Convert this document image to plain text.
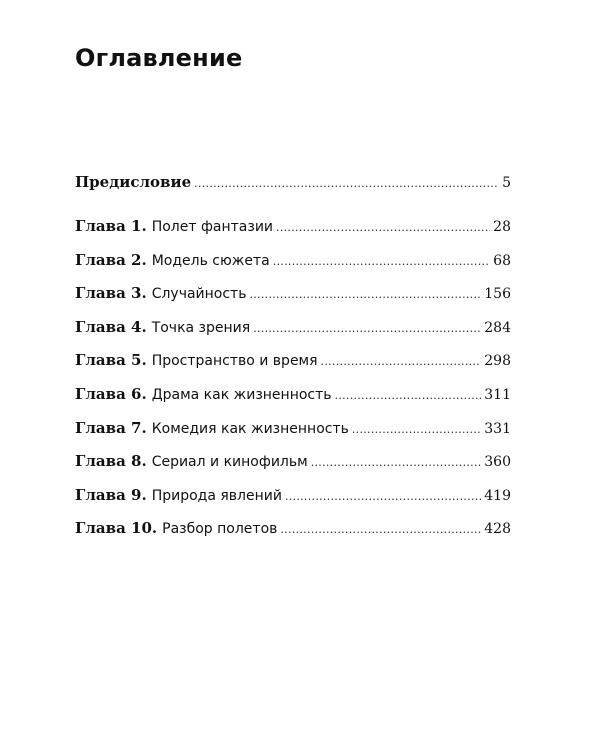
Оглавление
Предисловие .....	5
Глава 1. Полет фантазии .....	28
Глава 2. Модель сюжета .....	68
Глава 3. Случайность .....	156
Глава 4. Точка зрения .....	284
Глава 5. Пространство и время .....	298
Глава 6. Драма как жизненность .....	311
Глава 7. Комедия как жизненность .....	331
Глава 8. Сериал и кинофильм .....	360
Глава 9. Природа явлений .....	419
Глава 10. Разбор полетов .....	428
